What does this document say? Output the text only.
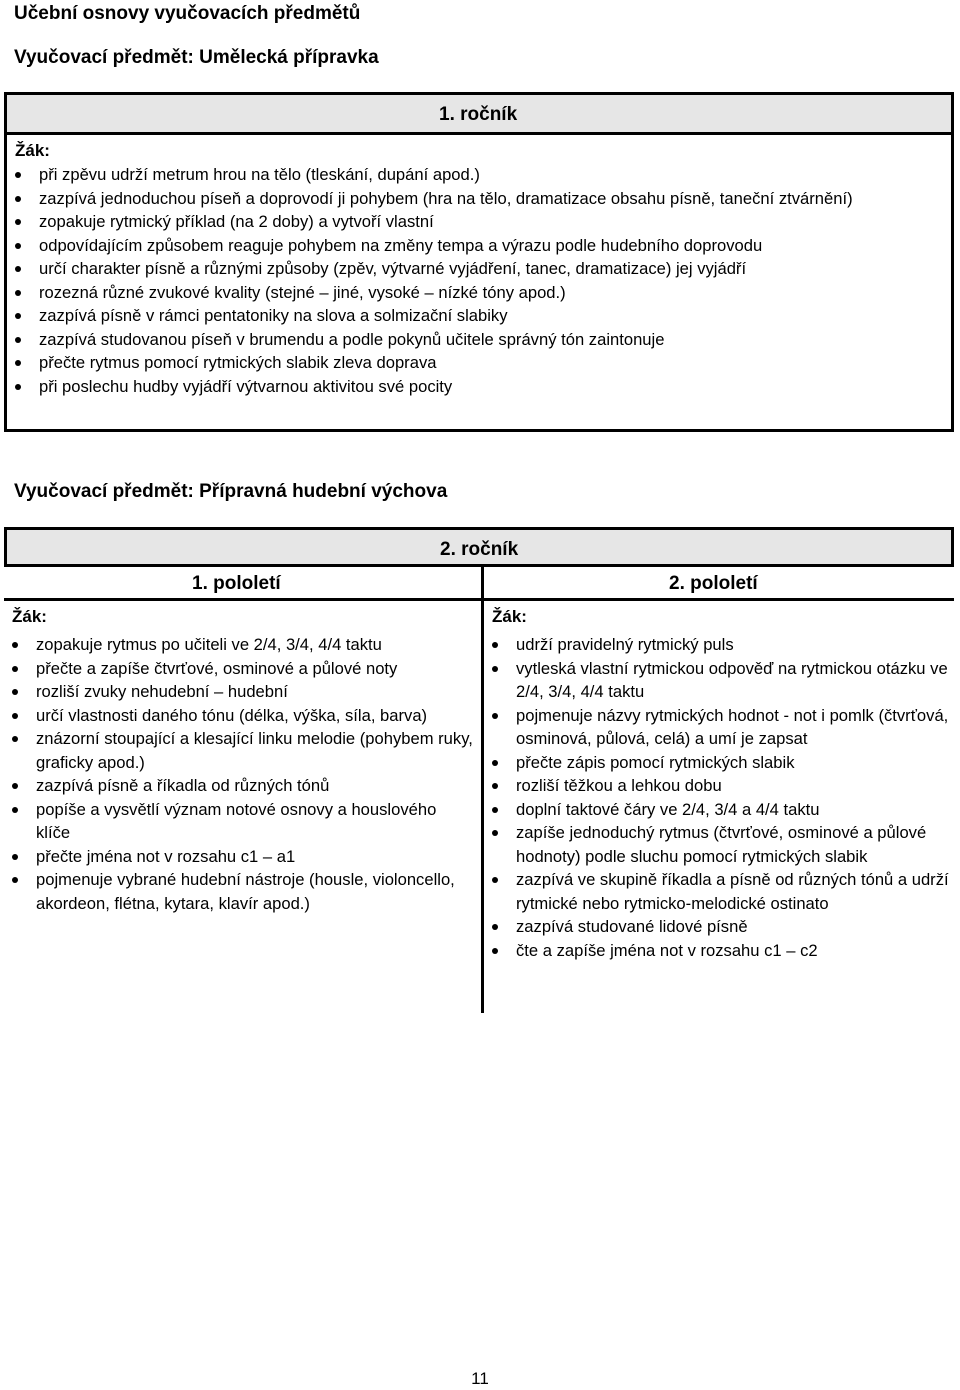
Učební osnovy vyučovacích předmětů
Vyučovací předmět: Umělecká přípravka
1. ročník
Žák:
při zpěvu udrží metrum hrou na tělo (tleskání, dupání apod.)
zazpívá jednoduchou píseň a doprovodí ji pohybem (hra na tělo, dramatizace obsahu písně, taneční ztvárnění)
zopakuje rytmický příklad (na 2 doby) a vytvoří vlastní
odpovídajícím způsobem reaguje pohybem na změny tempa a výrazu podle hudebního doprovodu
určí charakter písně a různými způsoby (zpěv, výtvarné vyjádření, tanec, dramatizace) jej vyjádří
rozezná různé zvukové kvality (stejné – jiné, vysoké – nízké tóny apod.)
zazpívá písně v rámci pentatoniky na slova a solmizační slabiky
zazpívá studovanou píseň v brumendu a podle pokynů učitele správný tón zaintonuje
přečte rytmus pomocí rytmických slabik zleva doprava
při poslechu hudby vyjádří výtvarnou aktivitou své pocity
Vyučovací předmět: Přípravná hudební výchova
2. ročník
1. pololetí
Žák:
zopakuje rytmus po učiteli ve 2/4, 3/4, 4/4 taktu
přečte a zapíše čtvrťové, osminové a půlové noty
rozliší zvuky nehudební – hudební
určí vlastnosti daného tónu (délka, výška, síla, barva)
znázorní stoupající a klesající linku melodie (pohybem ruky, graficky apod.)
zazpívá písně a říkadla od různých tónů
popíše a vysvětlí význam notové osnovy a houslového klíče
přečte jména not v rozsahu c1 – a1
pojmenuje vybrané hudební nástroje (housle, violoncello, akordeon, flétna, kytara, klavír apod.)
2. pololetí
Žák:
udrží pravidelný rytmický puls
vytleská vlastní rytmickou odpověď na rytmickou otázku ve 2/4, 3/4, 4/4 taktu
pojmenuje názvy rytmických hodnot - not i pomlk (čtvrťová, osminová, půlová, celá) a umí je zapsat
přečte zápis pomocí rytmických slabik
rozliší těžkou a lehkou dobu
doplní taktové čáry ve 2/4, 3/4 a 4/4 taktu
zapíše jednoduchý rytmus (čtvrťové, osminové a půlové hodnoty) podle sluchu pomocí rytmických slabik
zazpívá ve skupině říkadla a písně od různých tónů a udrží rytmické nebo rytmicko-melodické ostinato
zazpívá studované lidové písně
čte a zapíše jména not v rozsahu c1 – c2
11
